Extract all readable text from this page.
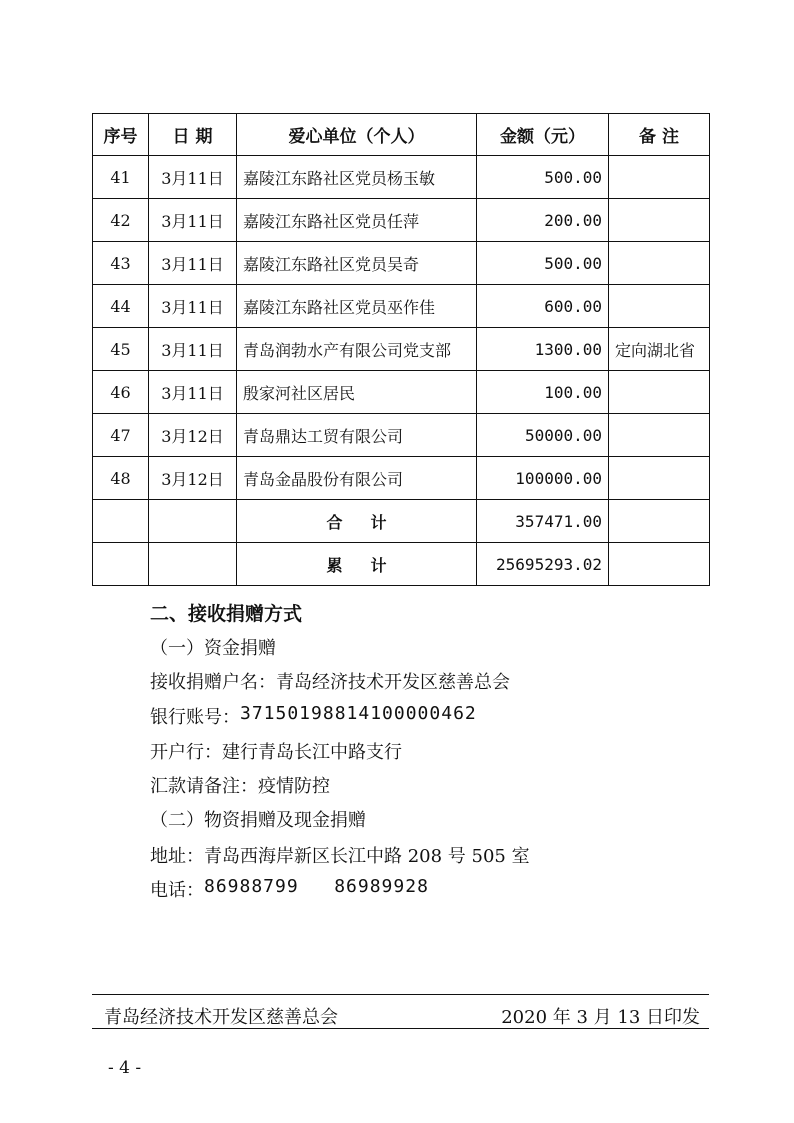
序号	日 期	爱心单位（个人）	金额（元）	备 注
41	3月11日	嘉陵江东路社区党员杨玉敏	500.00	
42	3月11日	嘉陵江东路社区党员任萍	200.00	
43	3月11日	嘉陵江东路社区党员吴奇	500.00	
44	3月11日	嘉陵江东路社区党员巫作佳	600.00	
45	3月11日	青岛润勃水产有限公司党支部	1300.00	定向湖北省
46	3月11日	殷家河社区居民	100.00	
47	3月12日	青岛鼎达工贸有限公司	50000.00	
48	3月12日	青岛金晶股份有限公司	100000.00	
		合计	357471.00	
		累计	25695293.02	
二、接收捐赠方式
（一）资金捐赠
接收捐赠户名： 青岛经济技术开发区慈善总会
银行账号： 37150198814100000462
开户行： 建行青岛长江中路支行
汇款请备注： 疫情防控
（二）物资捐赠及现金捐赠
地址： 青岛西海岸新区长江中路 208 号 505 室
电话： 86988799   86989928
青岛经济技术开发区慈善总会	2020 年 3 月 13 日印发
- 4 -
